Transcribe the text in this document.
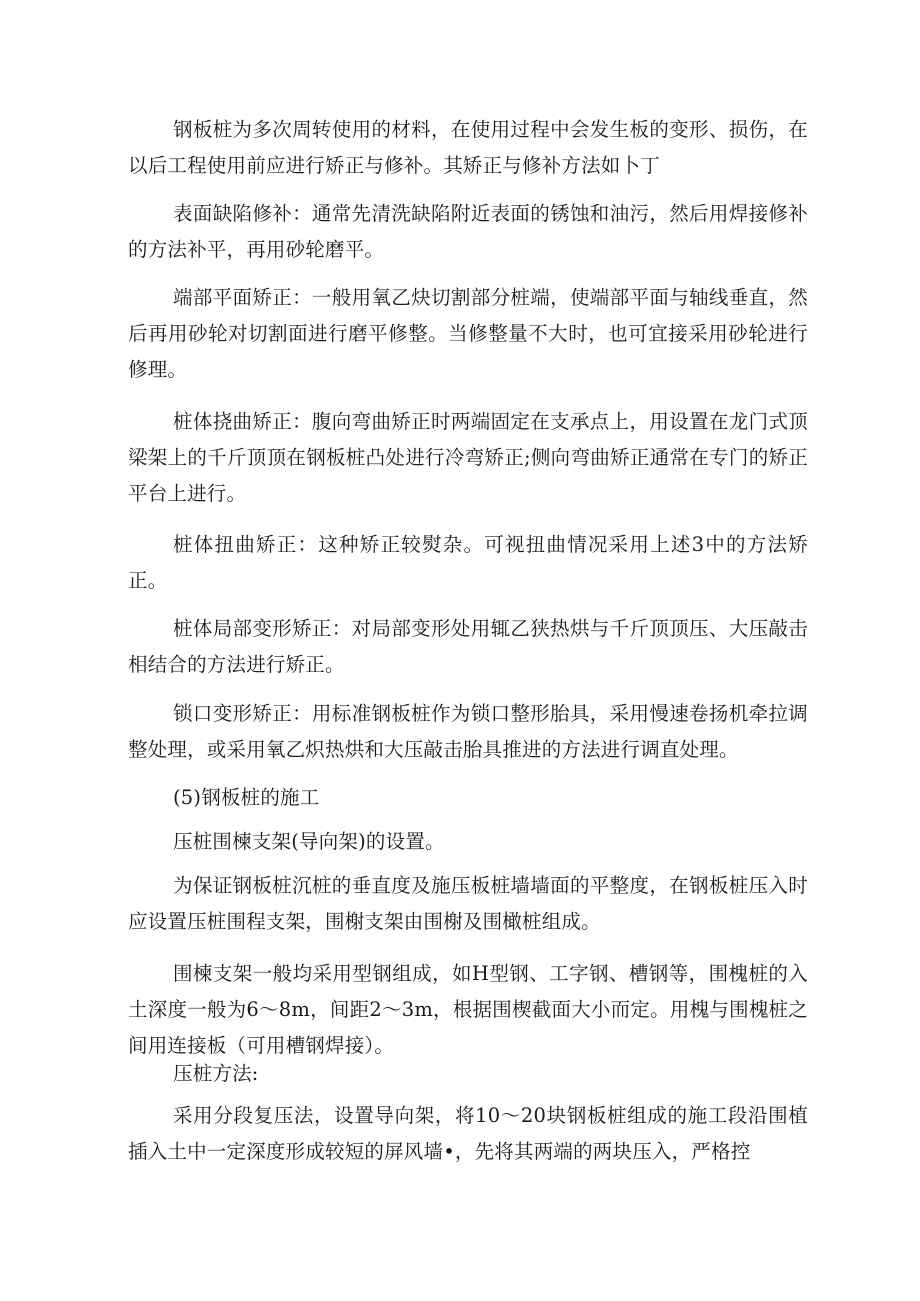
钢板桩为多次周转使用的材料，在使用过程中会发生板的变形、损伤，在以后工程使用前应进行矫正与修补。其矫正与修补方法如卜丁

表面缺陷修补：通常先清洗缺陷附近表面的锈蚀和油污，然后用焊接修补的方法补平，再用砂轮磨平。

端部平面矫正：一般用氧乙炔切割部分桩端，使端部平面与轴线垂直，然后再用砂轮对切割面进行磨平修整。当修整量不大时，也可宜接采用砂轮进行修理。

桩体挠曲矫正：腹向弯曲矫正时两端固定在支承点上，用设置在龙门式顶梁架上的千斤顶顶在钢板桩凸处进行冷弯矫正;侧向弯曲矫正通常在专门的矫正平台上进行。

桩体扭曲矫正：这种矫正较熨杂。可视扭曲情况采用上述3中的方法矫正。

桩体局部变形矫正：对局部变形处用辄乙狭热烘与千斤顶顶压、大压敲击相结合的方法进行矫正。

锁口变形矫正：用标准钢板桩作为锁口整形胎具，采用慢速卷扬机牵拉调整处理，或采用氧乙炽热烘和大压敲击胎具推进的方法进行调直处理。

(5)钢板桩的施工

压桩围楝支架(导向架)的设置。

为保证钢板桩沉桩的垂直度及施压板桩墙墙面的平整度，在钢板桩压入时应设置压桩围程支架，围榭支架由围榭及围橄桩组成。

围楝支架一般均采用型钢组成，如H型钢、工字钢、槽钢等，围槐桩的入土深度一般为6～8m，间距2～3m，根据围楔截面大小而定。用槐与围槐桩之间用连接板（可用槽钢焊接）。

压桩方法:

采用分段复压法，设置导向架，将10～20块钢板桩组成的施工段沿围植插入土中一定深度形成较短的屏风墙•，先将其两端的两块压入，严格控
